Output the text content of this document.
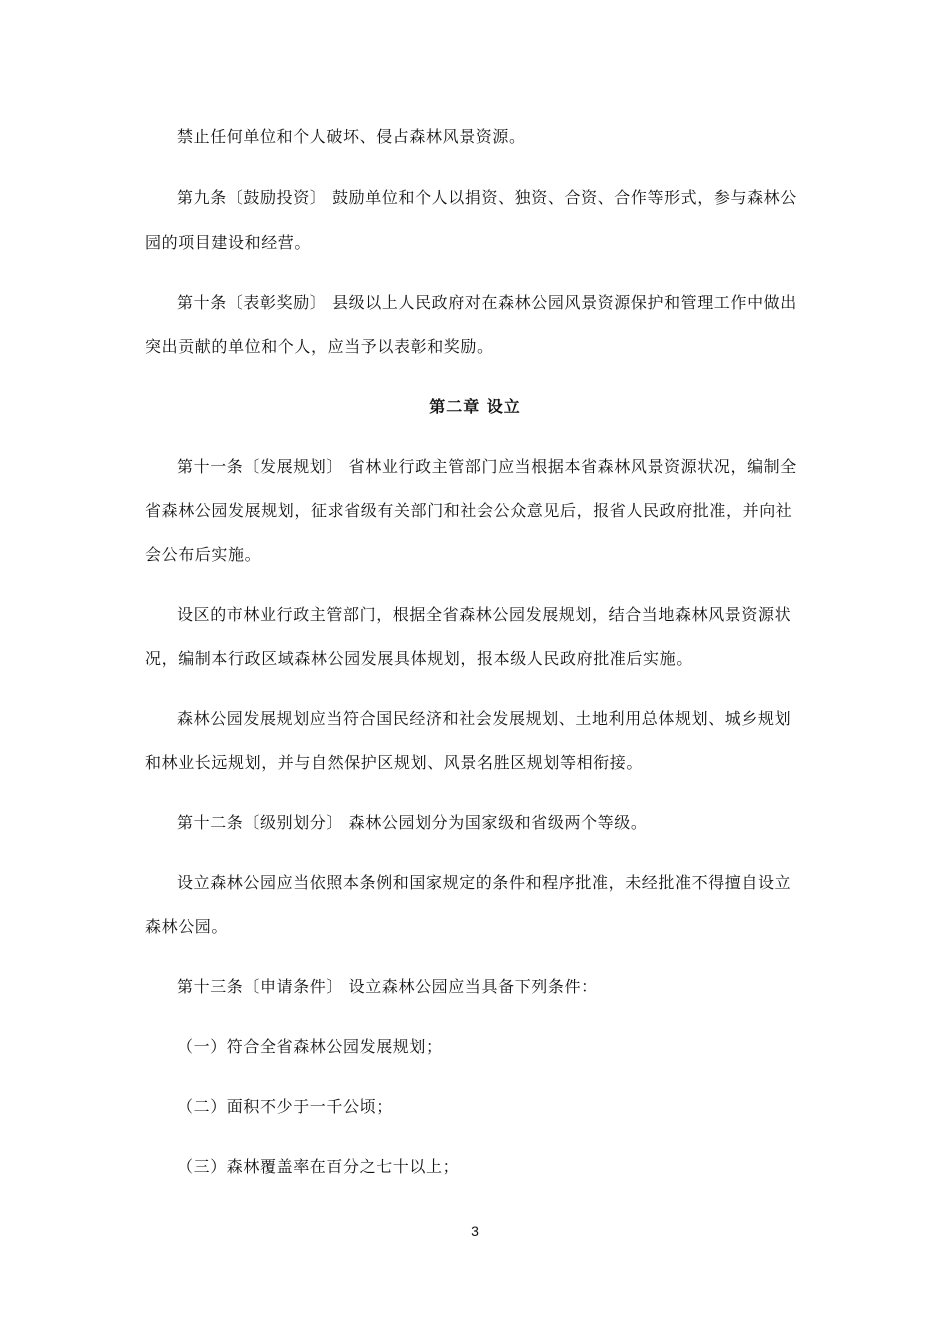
禁止任何单位和个人破坏、侵占森林风景资源。
第九条〔鼓励投资〕 鼓励单位和个人以捐资、独资、合资、合作等形式，参与森林公
园的项目建设和经营。
第十条〔表彰奖励〕 县级以上人民政府对在森林公园风景资源保护和管理工作中做出
突出贡献的单位和个人，应当予以表彰和奖励。
第二章 设立
第十一条〔发展规划〕 省林业行政主管部门应当根据本省森林风景资源状况，编制全
省森林公园发展规划，征求省级有关部门和社会公众意见后，报省人民政府批准，并向社
会公布后实施。
设区的市林业行政主管部门，根据全省森林公园发展规划，结合当地森林风景资源状
况，编制本行政区域森林公园发展具体规划，报本级人民政府批准后实施。
森林公园发展规划应当符合国民经济和社会发展规划、土地利用总体规划、城乡规划
和林业长远规划，并与自然保护区规划、风景名胜区规划等相衔接。
第十二条〔级别划分〕 森林公园划分为国家级和省级两个等级。
设立森林公园应当依照本条例和国家规定的条件和程序批准，未经批准不得擅自设立
森林公园。
第十三条〔申请条件〕 设立森林公园应当具备下列条件：
（一）符合全省森林公园发展规划；
（二）面积不少于一千公顷；
（三）森林覆盖率在百分之七十以上；
3
